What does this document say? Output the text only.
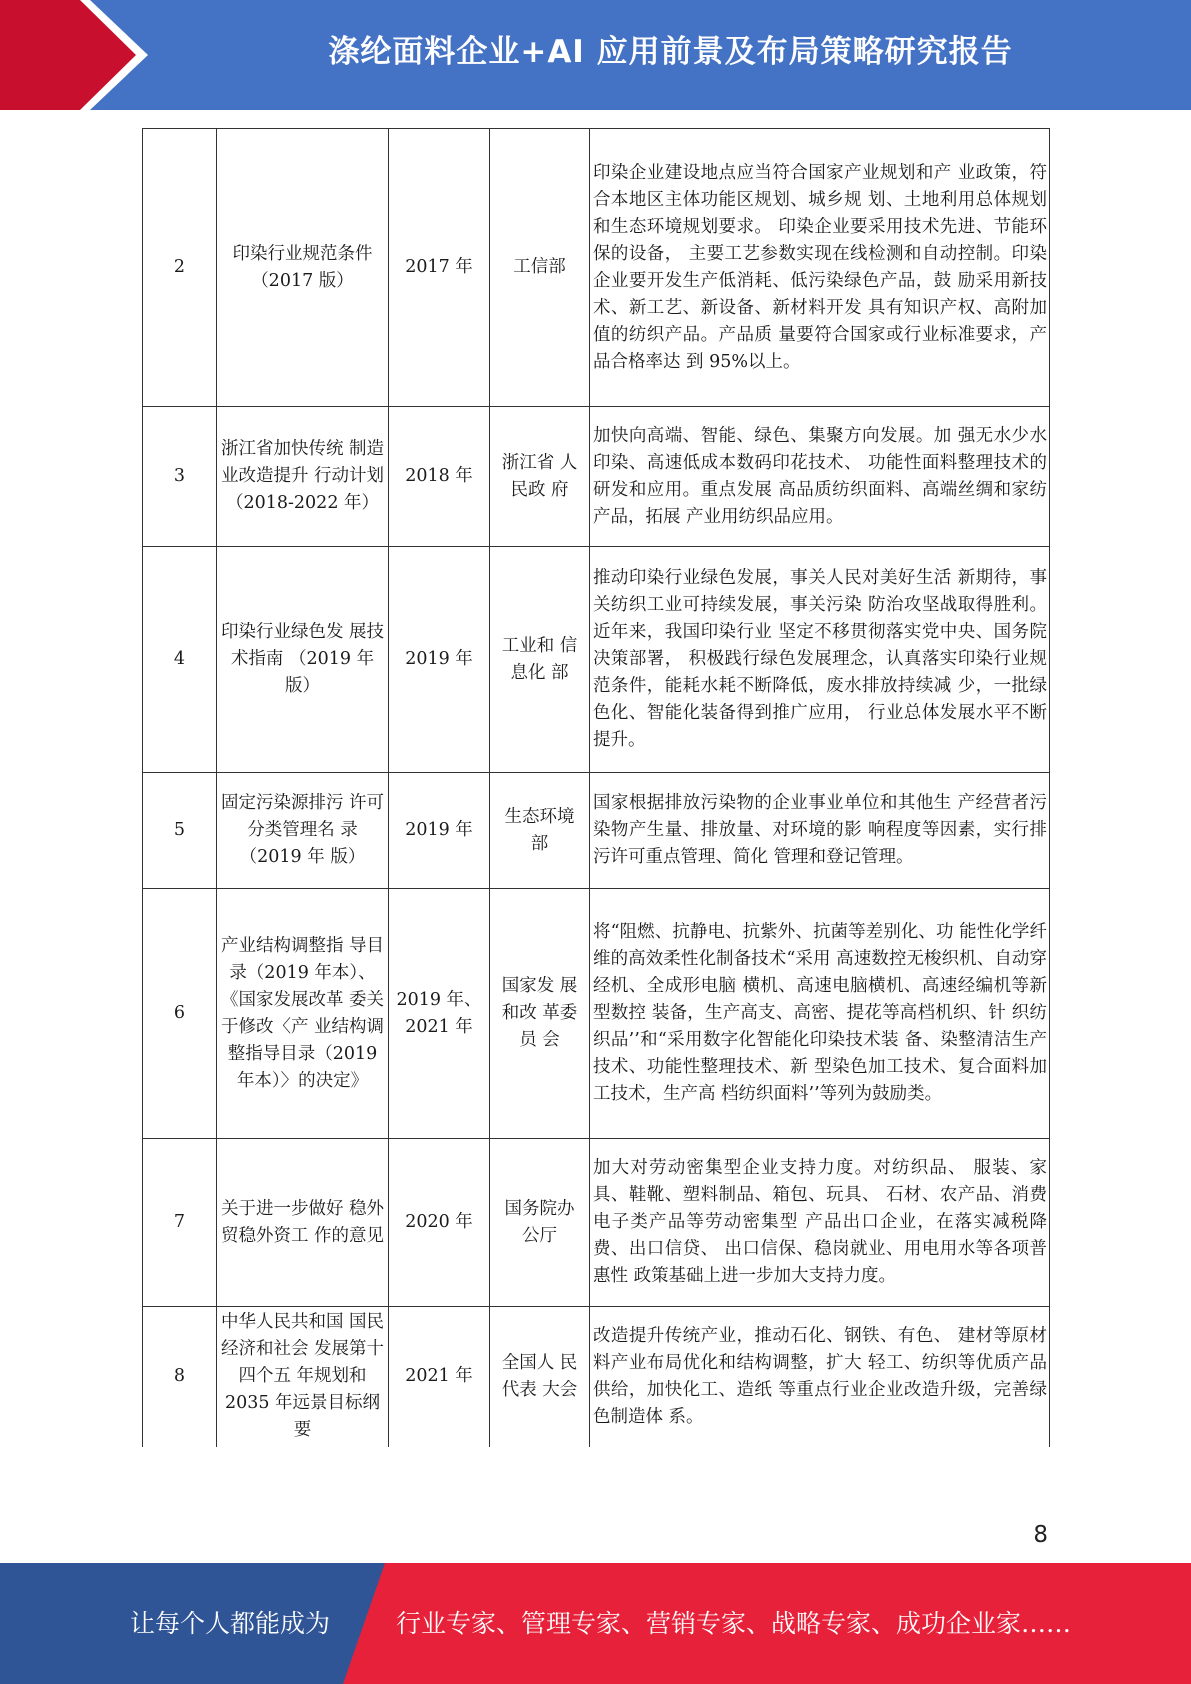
涤纶面料企业+AI 应用前景及布局策略研究报告
2	印染行业规范条件（2017 版）	2017 年	工信部	印染企业建设地点应当符合国家产业规划和产 业政策，符合本地区主体功能区规划、城乡规 划、土地利用总体规划和生态环境规划要求。 印染企业要采用技术先进、节能环保的设备， 主要工艺参数实现在线检测和自动控制。印染 企业要开发生产低消耗、低污染绿色产品，鼓 励采用新技术、新工艺、新设备、新材料开发 具有知识产权、高附加值的纺织产品。产品质 量要符合国家或行业标准要求，产品合格率达 到 95%以上。
3	浙江省加快传统 制造业改造提升 行动计划 （2018-2022 年）	2018 年	浙江省 人民政 府	加快向高端、智能、绿色、集聚方向发展。加 强无水少水印染、高速低成本数码印花技术、 功能性面料整理技术的研发和应用。重点发展 高品质纺织面料、高端丝绸和家纺产品，拓展 产业用纺织品应用。
4	印染行业绿色发 展技术指南 （2019 年版）	2019 年	工业和 信息化 部	推动印染行业绿色发展，事关人民对美好生活 新期待，事关纺织工业可持续发展，事关污染 防治攻坚战取得胜利。近年来，我国印染行业 坚定不移贯彻落实党中央、国务院决策部署， 积极践行绿色发展理念，认真落实印染行业规 范条件，能耗水耗不断降低，废水排放持续减 少，一批绿色化、智能化装备得到推广应用， 行业总体发展水平不断提升。
5	固定污染源排污 许可分类管理名 录（2019 年 版）	2019 年	生态环境部	国家根据排放污染物的企业事业单位和其他生 产经营者污染物产生量、排放量、对环境的影 响程度等因素，实行排污许可重点管理、简化 管理和登记管理。
6	产业结构调整指 导目录（2019 年本）、《国家发展改革 委关于修改〈产 业结构调整指导目录（2019 年本）〉的决定》	2019 年、2021 年	国家发 展和改 革委员 会	将“阻燃、抗静电、抗紫外、抗菌等差别化、功 能性化学纤维的高效柔性化制备技术“采用 高速数控无梭织机、自动穿经机、全成形电脑 横机、高速电脑横机、高速经编机等新型数控 装备，生产高支、高密、提花等高档机织、针 织纺织品’’和“采用数字化智能化印染技术装 备、染整清洁生产技术、功能性整理技术、新 型染色加工技术、复合面料加工技术，生产高 档纺织面料’’等列为鼓励类。
7	关于进一步做好 稳外贸稳外资工 作的意见	2020 年	国务院办公厅	加大对劳动密集型企业支持力度。对纺织品、 服装、家具、鞋靴、塑料制品、箱包、玩具、 石材、农产品、消费电子类产品等劳动密集型 产品出口企业，在落实减税降费、出口信贷、 出口信保、稳岗就业、用电用水等各项普惠性 政策基础上进一步加大支持力度。
8	中华人民共和国 国民经济和社会 发展第十四个五 年规划和 2035 年远景目标纲要	2021 年	全国人 民代表 大会	改造提升传统产业，推动石化、钢铁、有色、 建材等原材料产业布局优化和结构调整，扩大 轻工、纺织等优质产品供给，加快化工、造纸 等重点行业企业改造升级，完善绿色制造体 系。
8
让每个人都能成为	行业专家、管理专家、营销专家、战略专家、成功企业家……
